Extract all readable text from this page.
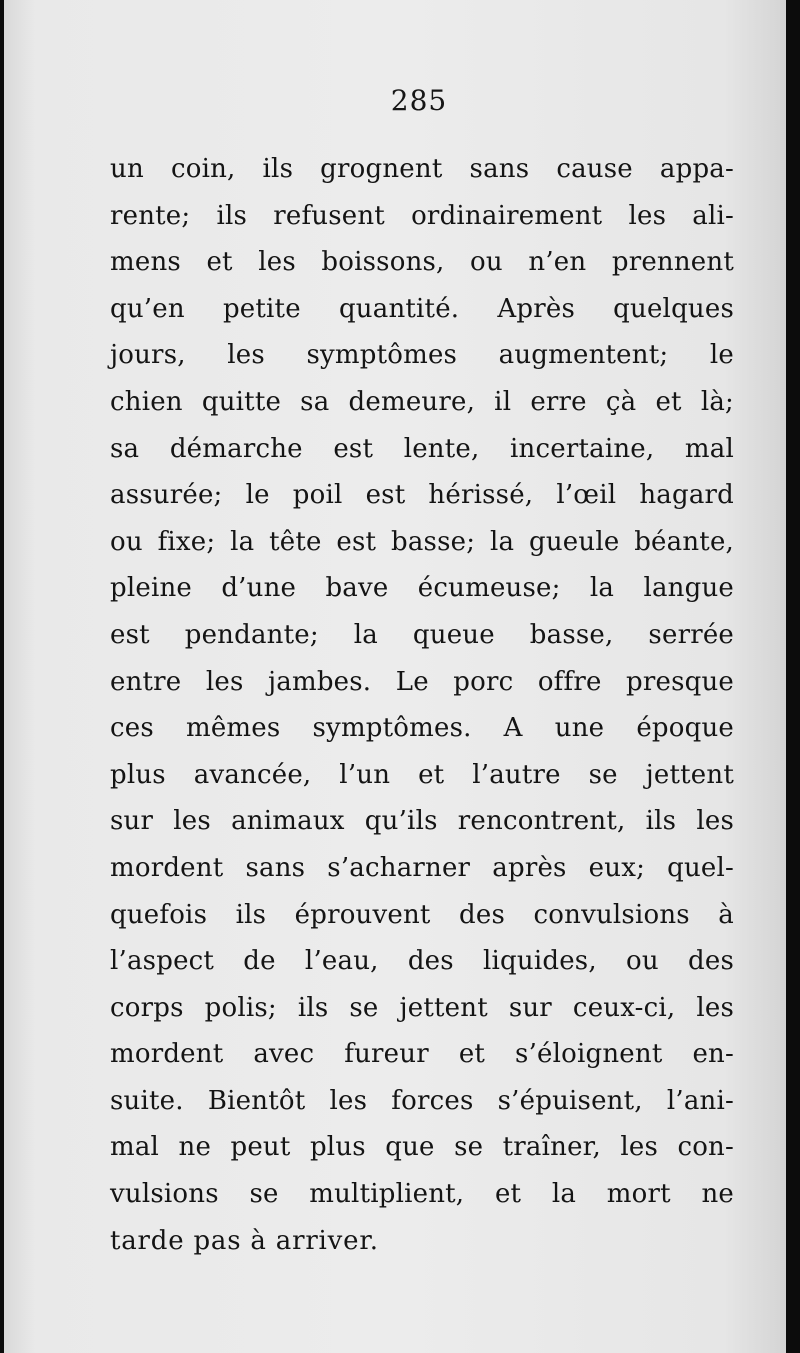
285
un coin, ils grognent sans cause appa-
rente; ils refusent ordinairement les ali-
mens et les boissons, ou n’en prennent
qu’en petite quantité. Après quelques
jours, les symptômes augmentent; le
chien quitte sa demeure, il erre çà et là;
sa démarche est lente, incertaine, mal
assurée; le poil est hérissé, l’œil hagard
ou fixe; la tête est basse; la gueule béante,
pleine d’une bave écumeuse; la langue
est pendante; la queue basse, serrée
entre les jambes. Le porc offre presque
ces mêmes symptômes. A une époque
plus avancée, l’un et l’autre se jettent
sur les animaux qu’ils rencontrent, ils les
mordent sans s’acharner après eux; quel-
quefois ils éprouvent des convulsions à
l’aspect de l’eau, des liquides, ou des
corps polis; ils se jettent sur ceux-ci, les
mordent avec fureur et s’éloignent en-
suite. Bientôt les forces s’épuisent, l’ani-
mal ne peut plus que se traîner, les con-
vulsions se multiplient, et la mort ne
tarde pas à arriver.
